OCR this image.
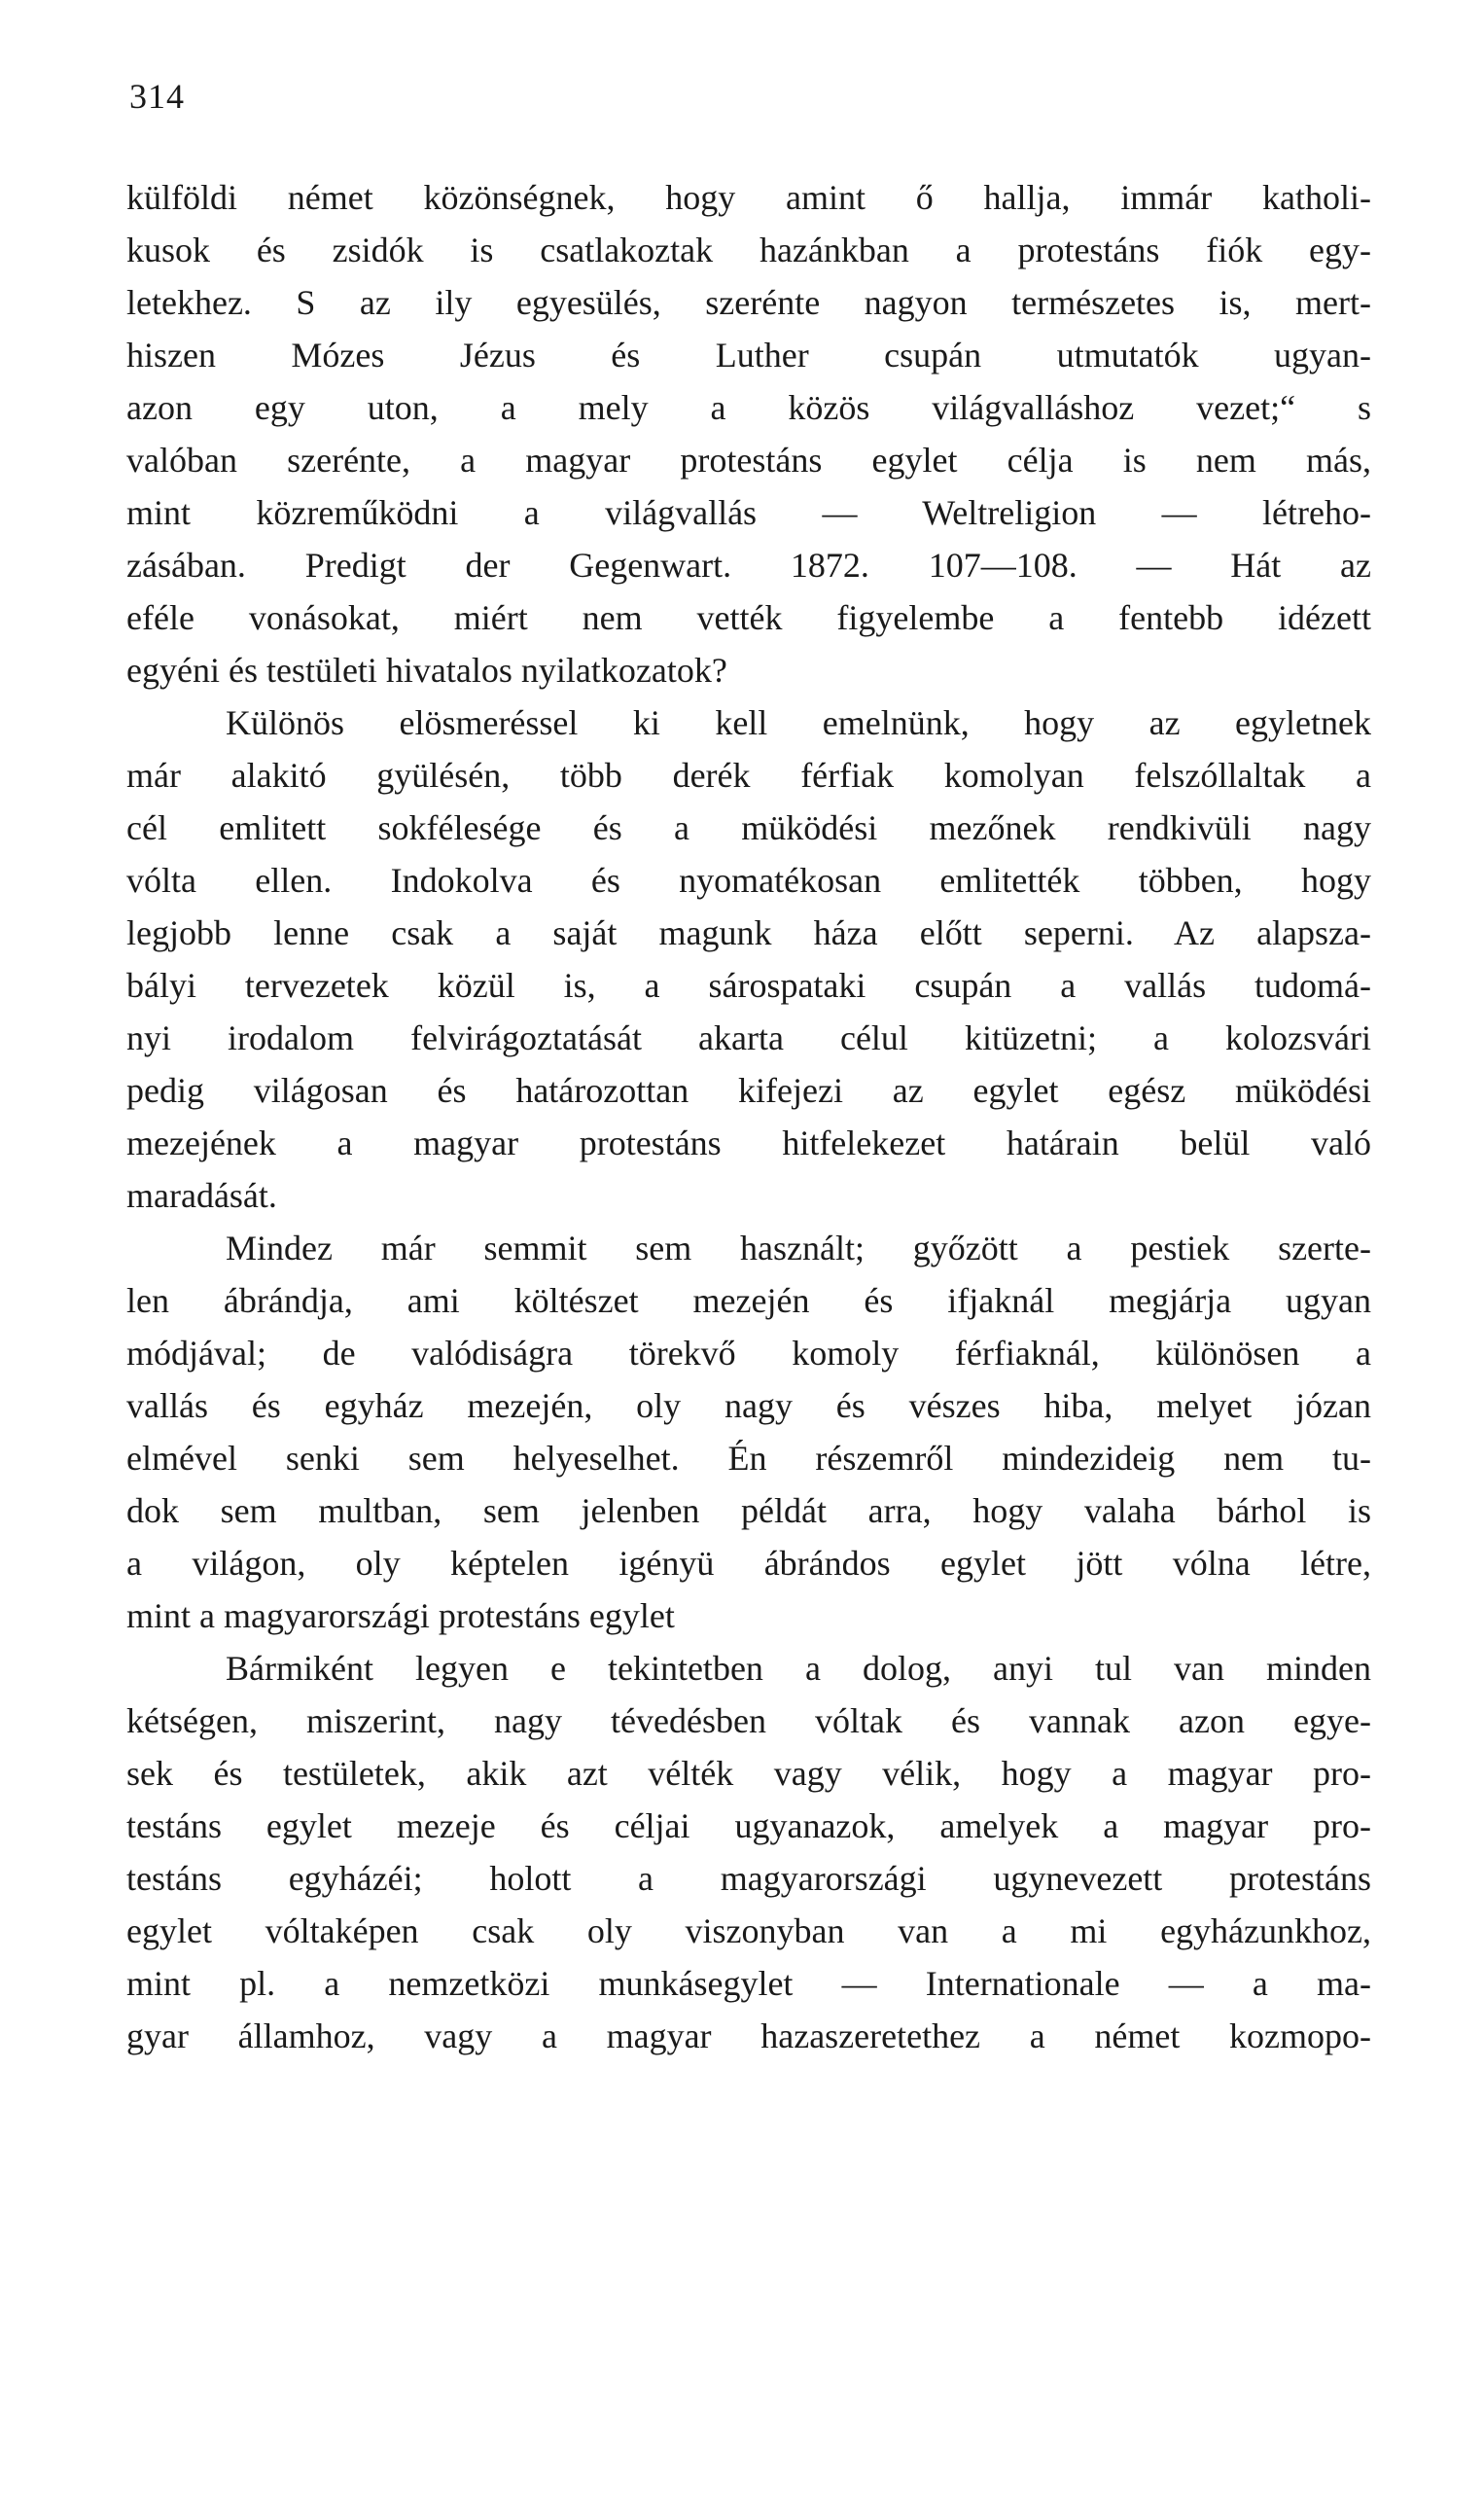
314
külföldi német közönségnek, hogy amint ő hallja, immár katholi-
kusok és zsidók is csatlakoztak hazánkban a protestáns fiók egy-
letekhez. S az ily egyesülés, szerénte nagyon természetes is, mert-
hiszen Mózes Jézus és Luther csupán utmutatók ugyan-
azon egy uton, a mely a közös világvalláshoz vezet;“ s
valóban szerénte, a magyar protestáns egylet célja is nem más,
mint közreműködni a világvallás — Weltreligion — létreho-
zásában. Predigt der Gegenwart. 1872. 107—108. — Hát az
eféle vonásokat, miért nem vették figyelembe a fentebb idézett
egyéni és testületi hivatalos nyilatkozatok?
Különös elösmeréssel ki kell emelnünk, hogy az egyletnek
már alakitó gyülésén, több derék férfiak komolyan felszóllaltak a
cél emlitett sokfélesége és a müködési mezőnek rendkivüli nagy
vólta ellen. Indokolva és nyomatékosan emlitették többen, hogy
legjobb lenne csak a saját magunk háza előtt seperni. Az alapsza-
bályi tervezetek közül is, a sárospataki csupán a vallás tudomá-
nyi irodalom felvirágoztatását akarta célul kitüzetni; a kolozsvári
pedig világosan és határozottan kifejezi az egylet egész müködési
mezejének a magyar protestáns hitfelekezet határain belül való
maradását.
Mindez már semmit sem használt; győzött a pestiek szerte-
len ábrándja, ami költészet mezején és ifjaknál megjárja ugyan
módjával; de valódiságra törekvő komoly férfiaknál, különösen a
vallás és egyház mezején, oly nagy és vészes hiba, melyet józan
elmével senki sem helyeselhet. Én részemről mindezideig nem tu-
dok sem multban, sem jelenben példát arra, hogy valaha bárhol is
a világon, oly képtelen igényü ábrándos egylet jött vólna létre,
mint a magyarországi protestáns egylet
Bármiként legyen e tekintetben a dolog, anyi tul van minden
kétségen, miszerint, nagy tévedésben vóltak és vannak azon egye-
sek és testületek, akik azt vélték vagy vélik, hogy a magyar pro-
testáns egylet mezeje és céljai ugyanazok, amelyek a magyar pro-
testáns egyházéi; holott a magyarországi ugynevezett protestáns
egylet vóltaképen csak oly viszonyban van a mi egyházunkhoz,
mint pl. a nemzetközi munkásegylet — Internationale — a ma-
gyar államhoz, vagy a magyar hazaszeretethez a német kozmopo-
